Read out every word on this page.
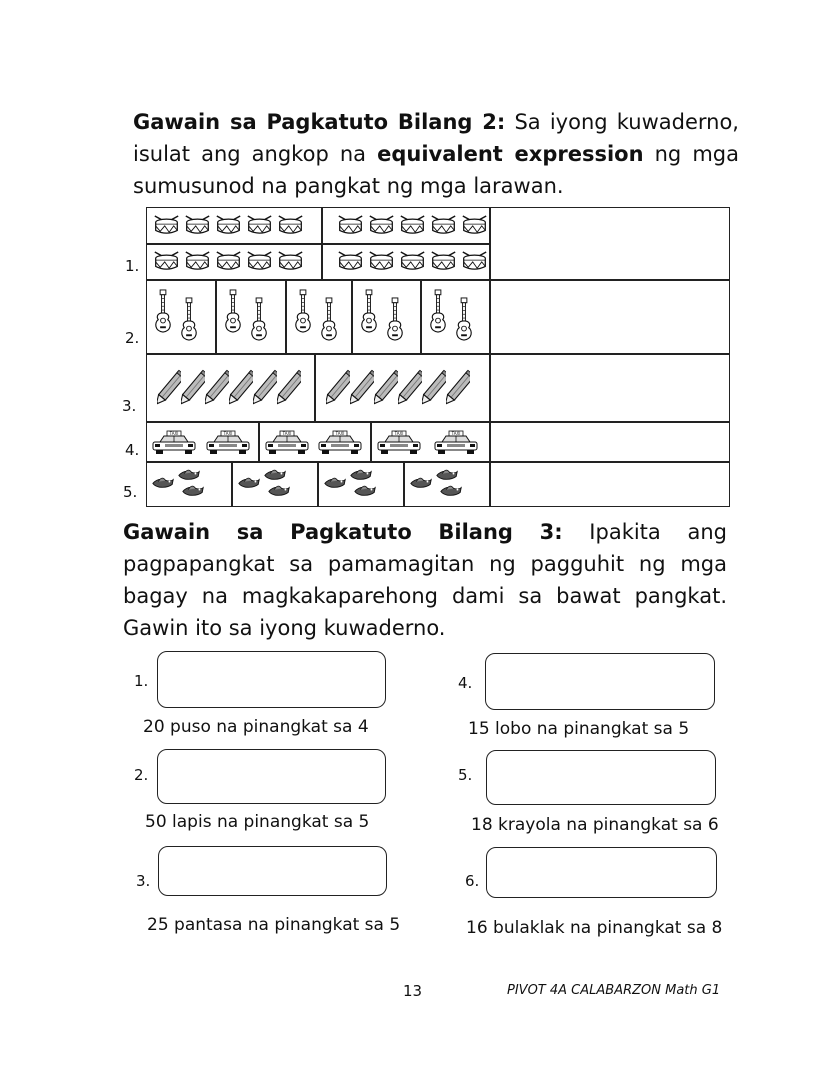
Gawain sa Pagkatuto Bilang 2: Sa iyong kuwaderno,
isulat ang angkop na equivalent expression ng mga
sumusunod na pangkat ng mga larawan.
1.
2.
3.
4.
5.
TAXI	TAXI	TAXI	TAXI	TAXI	TAXI
Gawain sa Pagkatuto Bilang 3: Ipakita ang
pagpapangkat sa pamamagitan ng pagguhit ng mga
bagay na magkakaparehong dami sa bawat pangkat.
Gawin ito sa iyong kuwaderno.
1.
20 puso na pinangkat sa 4
2.
50 lapis na pinangkat sa 5
3.
25 pantasa na pinangkat sa 5
4.
15 lobo na pinangkat sa 5
5.
18 krayola na pinangkat sa 6
6.
16 bulaklak na pinangkat sa 8
13	PIVOT 4A CALABARZON Math G1
